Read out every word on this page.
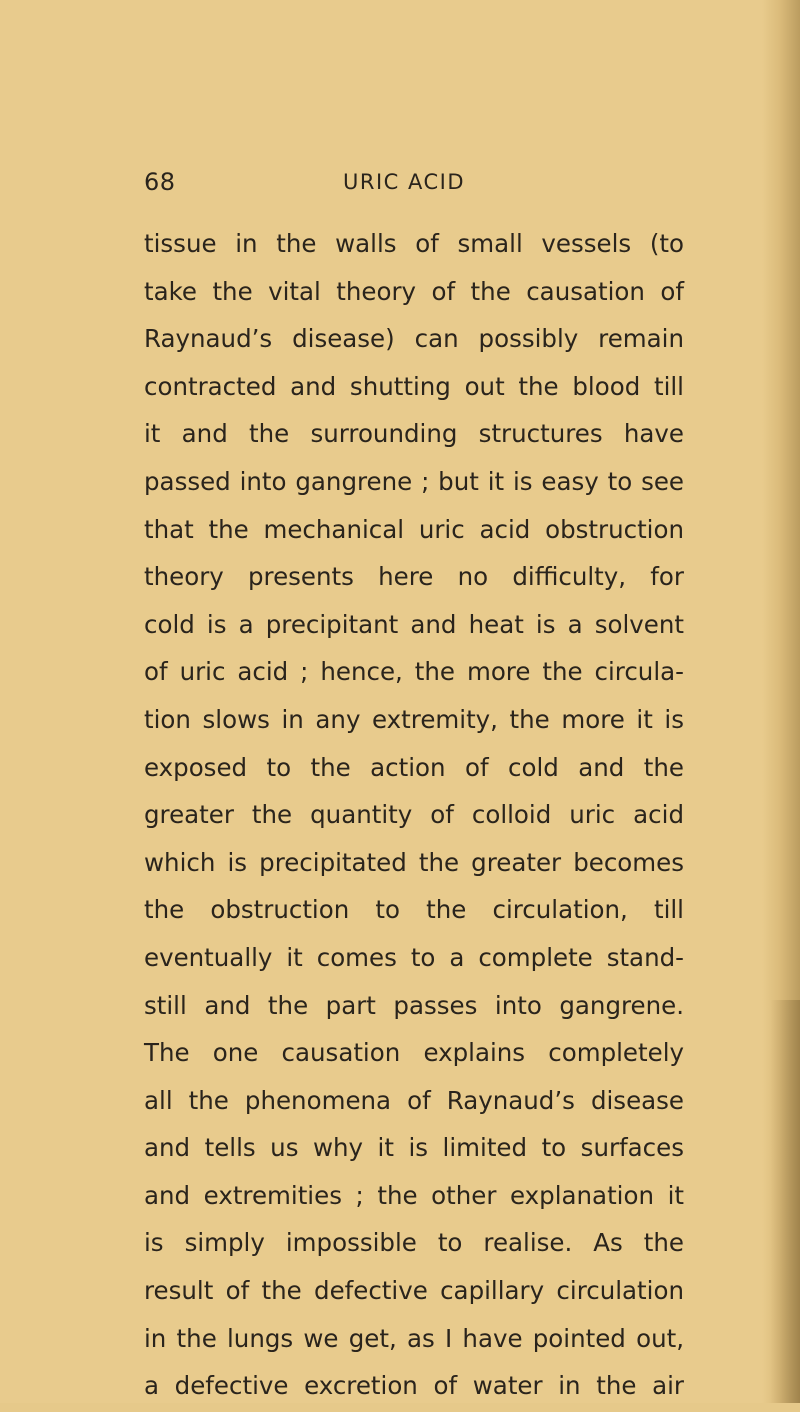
68	URIC ACID
tissue in the walls of small vessels (to
take the vital theory of the causation of
Raynaud’s disease) can possibly remain
contracted and shutting out the blood till
it and the surrounding structures have
passed into gangrene ; but it is easy to see
that the mechanical uric acid obstruction
theory presents here no difficulty, for
cold is a precipitant and heat is a solvent
of uric acid ; hence, the more the circula-
tion slows in any extremity, the more it is
exposed to the action of cold and the
greater the quantity of colloid uric acid
which is precipitated the greater becomes
the obstruction to the circulation, till
eventually it comes to a complete stand-
still and the part passes into gangrene.
The one causation explains completely
all the phenomena of Raynaud’s disease
and tells us why it is limited to surfaces
and extremities ; the other explanation it
is simply impossible to realise. As the
result of the defective capillary circulation
in the lungs we get, as I have pointed out,
a defective excretion of water in the air
